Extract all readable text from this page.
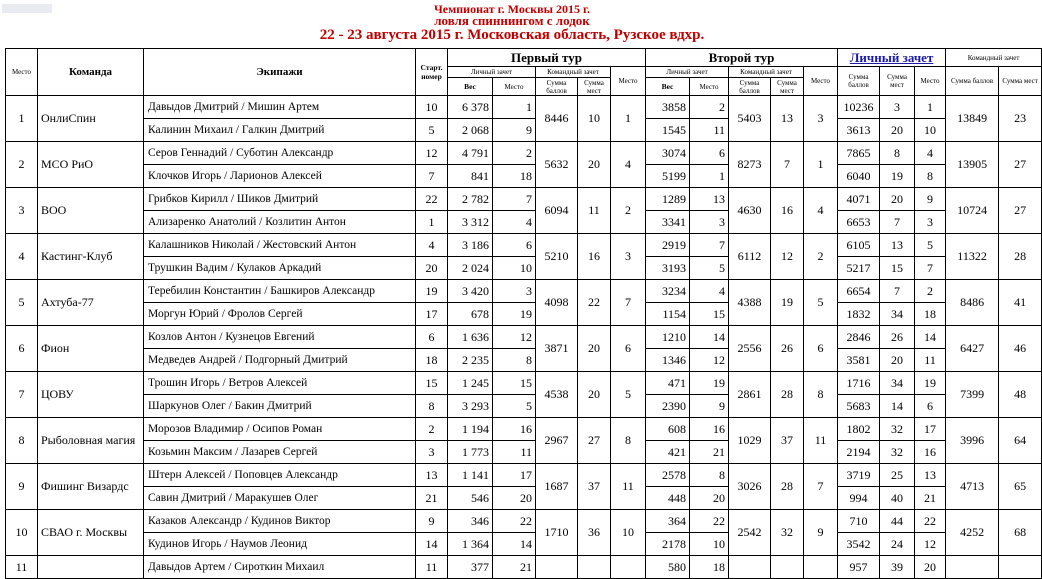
Чемпионат г. Москвы 2015 г.
ловля спиннингом с лодок
22 - 23 августа 2015 г. Московская область, Рузское вдхр.
Место	Команда	Экипажи	Старт. номер	Первый тур					Второй тур					Личный зачет			Командный зачет	
				Личный зачет		Командный зачет		Место	Личный зачет		Командный зачет		Место	Сумма баллов	Сумма мест	Место	Сумма баллов	Сумма мест
				Вес	Место	Сумма баллов	Сумма мест		Вес	Место	Сумма баллов	Сумма мест						
1	ОнлиСпин	Давыдов Дмитрий / Мишин Артем	10	6 378	1	8446	10	1	3858	2	5403	13	3	10236	3	1	13849	23
		Калинин Михаил / Галкин Дмитрий	5	2 068	9				1545	11				3613	20	10		
2	МСО РиО	Серов Геннадий / Суботин Александр	12	4 791	2	5632	20	4	3074	6	8273	7	1	7865	8	4	13905	27
		Клочков Игорь / Ларионов Алексей	7	841	18				5199	1				6040	19	8		
3	ВОО	Грибков Кирилл / Шиков Дмитрий	22	2 782	7	6094	11	2	1289	13	4630	16	4	4071	20	9	10724	27
		Ализаренко Анатолий / Козлитин Антон	1	3 312	4				3341	3				6653	7	3		
4	Кастинг-Клуб	Калашников Николай / Жестовский Антон	4	3 186	6	5210	16	3	2919	7	6112	12	2	6105	13	5	11322	28
		Трушкин Вадим / Кулаков Аркадий	20	2 024	10				3193	5				5217	15	7		
5	Ахтуба-77	Теребилин Константин / Башкиров Александр	19	3 420	3	4098	22	7	3234	4	4388	19	5	6654	7	2	8486	41
		Моргун Юрий / Фролов Сергей	17	678	19				1154	15				1832	34	18		
6	Фион	Козлов Антон / Кузнецов Евгений	6	1 636	12	3871	20	6	1210	14	2556	26	6	2846	26	14	6427	46
		Медведев Андрей / Подгорный Дмитрий	18	2 235	8				1346	12				3581	20	11		
7	ЦОВУ	Трошин Игорь / Ветров Алексей	15	1 245	15	4538	20	5	471	19	2861	28	8	1716	34	19	7399	48
		Шаркунов Олег / Бакин Дмитрий	8	3 293	5				2390	9				5683	14	6		
8	Рыболовная магия	Морозов Владимир / Осипов Роман	2	1 194	16	2967	27	8	608	16	1029	37	11	1802	32	17	3996	64
		Козьмин Максим / Лазарев Сергей	3	1 773	11				421	21				2194	32	16		
9	Фишинг Визардс	Штерн Алексей / Поповцев Александр	13	1 141	17	1687	37	11	2578	8	3026	28	7	3719	25	13	4713	65
		Савин Дмитрий / Маракушев Олег	21	546	20				448	20				994	40	21		
10	СВАО г. Москвы	Казаков Александр / Кудинов Виктор	9	346	22	1710	36	10	364	22	2542	32	9	710	44	22	4252	68
		Кудинов Игорь / Наумов Леонид	14	1 364	14				2178	10				3542	24	12		
11		Давыдов Артем / Сироткин Михаил	11	377	21				580	18				957	39	20		
